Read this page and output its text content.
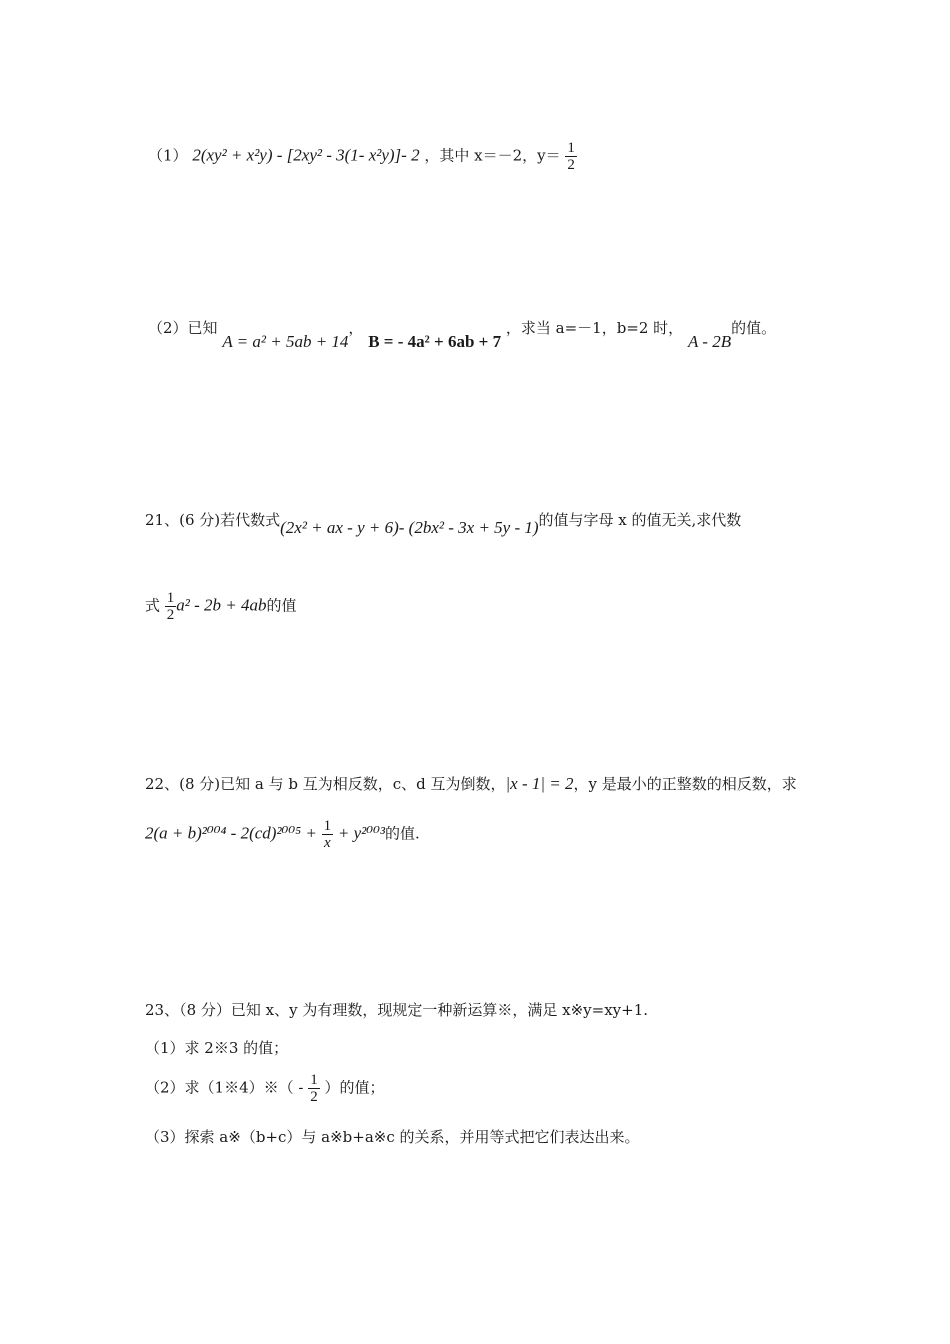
（1） 2(xy² + x²y) - [2xy² - 3(1- x²y)]- 2 ，其中 x＝－2，$y= \frac{1}{2}$
（2）已知 A = a² + 5ab + 14， B = - 4a² + 6ab + 7 ，求当 a=－1，b=2 时， A - 2B的值。
21、(6 分)若代数式(2x² + ax - y + 6)- (2bx² - 3x + 5y - 1)的值与字母 x 的值无关,求代数
式 $\frac{1}{2} a^2 - 2b + 4ab$的值
22、(8 分)已知 a 与 b 互为相反数，c、d 互为倒数，|x - 1| = 2，y 是最小的正整数的相反数，求
$2(a + b)^{2004} - 2(cd)^{2005} + \frac{1}{x} + y^{2003}$的值.
23、（8 分）已知 x、y 为有理数，现规定一种新运算※，满足 x※y=xy+1.
（1）求 2※3 的值；
（2）求（1※4）※（ - $\frac{1}{2}$ ）的值；
（3）探索 a※（b+c）与 a※b+a※c 的关系，并用等式把它们表达出来。
